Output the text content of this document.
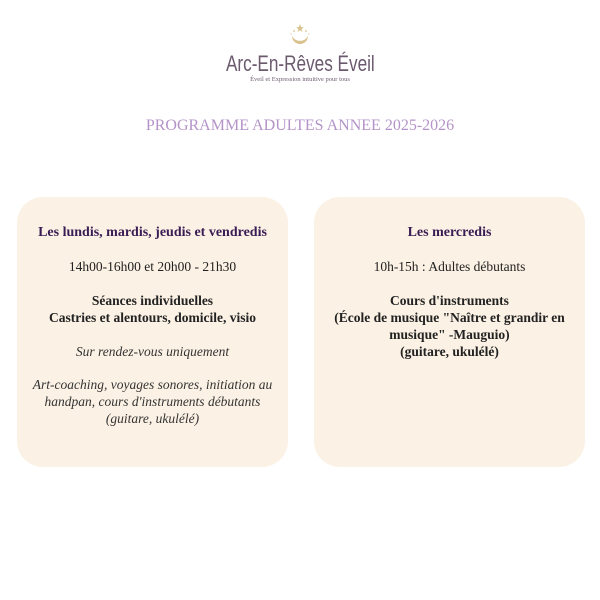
Arc-En-Rêves Éveil
Éveil et Expression intuitive pour tous
PROGRAMME ADULTES ANNEE 2025-2026
Les lundis, mardis, jeudis et vendredis
14h00-16h00 et 20h00 - 21h30
Séances individuelles
Castries et alentours, domicile, visio
Sur rendez-vous uniquement
Art-coaching, voyages sonores, initiation au
handpan, cours d'instruments débutants
(guitare, ukulélé)
Les mercredis
10h-15h : Adultes débutants
Cours d'instruments
(École de musique "Naître et grandir en
musique" -Mauguio)
(guitare, ukulélé)
